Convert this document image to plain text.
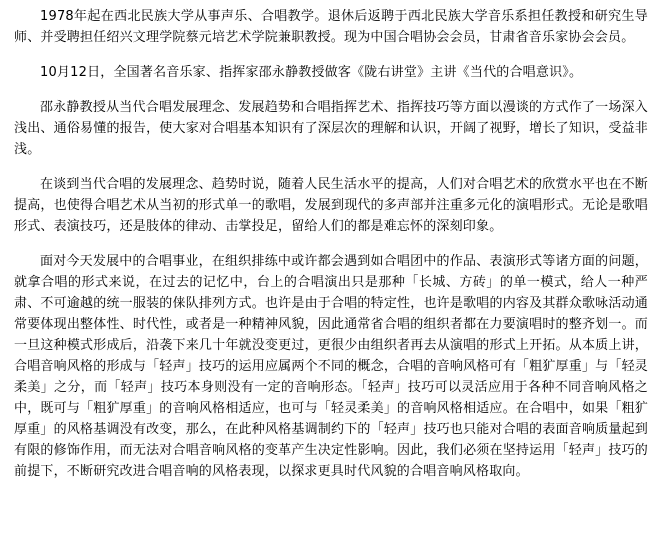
1978年起在西北民族大学从事声乐、合唱教学。退休后返聘于西北民族大学音乐系担任教授和研究生导师、并受聘担任绍兴文理学院蔡元培艺术学院兼职教授。现为中国合唱协会会员，甘肃省音乐家协会会员。

10月12日，全国著名音乐家、指挥家邵永静教授做客《陇右讲堂》主讲《当代的合唱意识》。

邵永静教授从当代合唱发展理念、发展趋势和合唱指挥艺术、指挥技巧等方面以漫谈的方式作了一场深入浅出、通俗易懂的报告，使大家对合唱基本知识有了深层次的理解和认识，开阔了视野，增长了知识，受益非浅。

在谈到当代合唱的发展理念、趋势时说，随着人民生活水平的提高，人们对合唱艺术的欣赏水平也在不断提高，也使得合唱艺术从当初的形式单一的歌唱，发展到现代的多声部并注重多元化的演唱形式。无论是歌唱形式、表演技巧，还是肢体的律动、击掌投足，留给人们的都是难忘怀的深刻印象。

面对今天发展中的合唱事业，在组织排练中或许都会遇到如合唱团中的作品、表演形式等诸方面的问题，就拿合唱的形式来说，在过去的记忆中，台上的合唱演出只是那种「长城、方砖」的单一模式，给人一种严肃、不可逾越的统一服装的俫队排列方式。也许是由于合唱的特定性，也许是歌唱的内容及其群众歌咏活动通常要体现出整体性、时代性，或者是一种精神风貌，因此通常省合唱的组织者都在力要演唱时的整齐划一。而一旦这种模式形成后，沿袭下来几十年就没变更过，更很少由组织者再去从演唱的形式上开拓。从本质上讲，合唱音响风格的形成与「轻声」技巧的运用应属两个不同的概念，合唱的音响风格可有「粗犷厚重」与「轻灵柔美」之分，而「轻声」技巧本身则没有一定的音响形态。「轻声」技巧可以灵活应用于各种不同音响风格之中，既可与「粗犷厚重」的音响风格相适应，也可与「轻灵柔美」的音响风格相适应。在合唱中，如果「粗犷厚重」的风格基调没有改变，那么，在此种风格基调制约下的「轻声」技巧也只能对合唱的表面音响质量起到有限的修饰作用，而无法对合唱音响风格的变革产生决定性影响。因此，我们必须在坚持运用「轻声」技巧的前提下，不断研究改进合唱音响的风格表现，以探求更具时代风貌的合唱音响风格取向。
